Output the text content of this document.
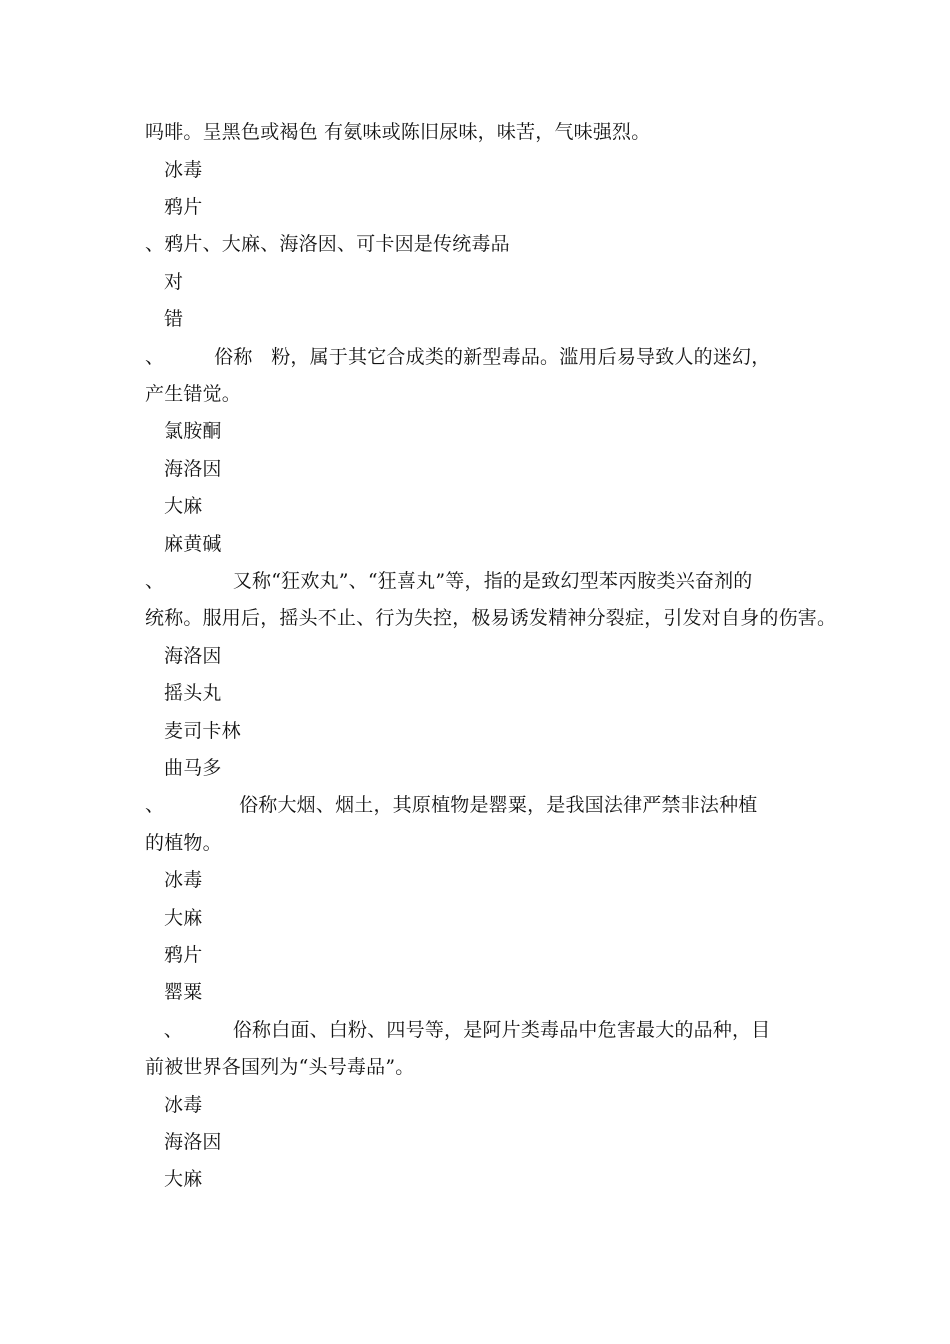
吗啡。呈黑色或褐色 有氨味或陈旧尿味，味苦，气味强烈。
冰毒
鸦片
、鸦片、大麻、海洛因、可卡因是传统毒品
对
错
、        俗称   粉，属于其它合成类的新型毒品。滥用后易导致人的迷幻，
产生错觉。
氯胺酮
海洛因
大麻
麻黄碱
、           又称“狂欢丸”、“狂喜丸”等，指的是致幻型苯丙胺类兴奋剂的
统称。服用后，摇头不止、行为失控，极易诱发精神分裂症，引发对自身的伤害。
海洛因
摇头丸
麦司卡林
曲马多
、            俗称大烟、烟土，其原植物是罂粟，是我国法律严禁非法种植
的植物。
冰毒
大麻
鸦片
罂粟
、        俗称白面、白粉、四号等，是阿片类毒品中危害最大的品种，目
前被世界各国列为“头号毒品”。
冰毒
海洛因
大麻
